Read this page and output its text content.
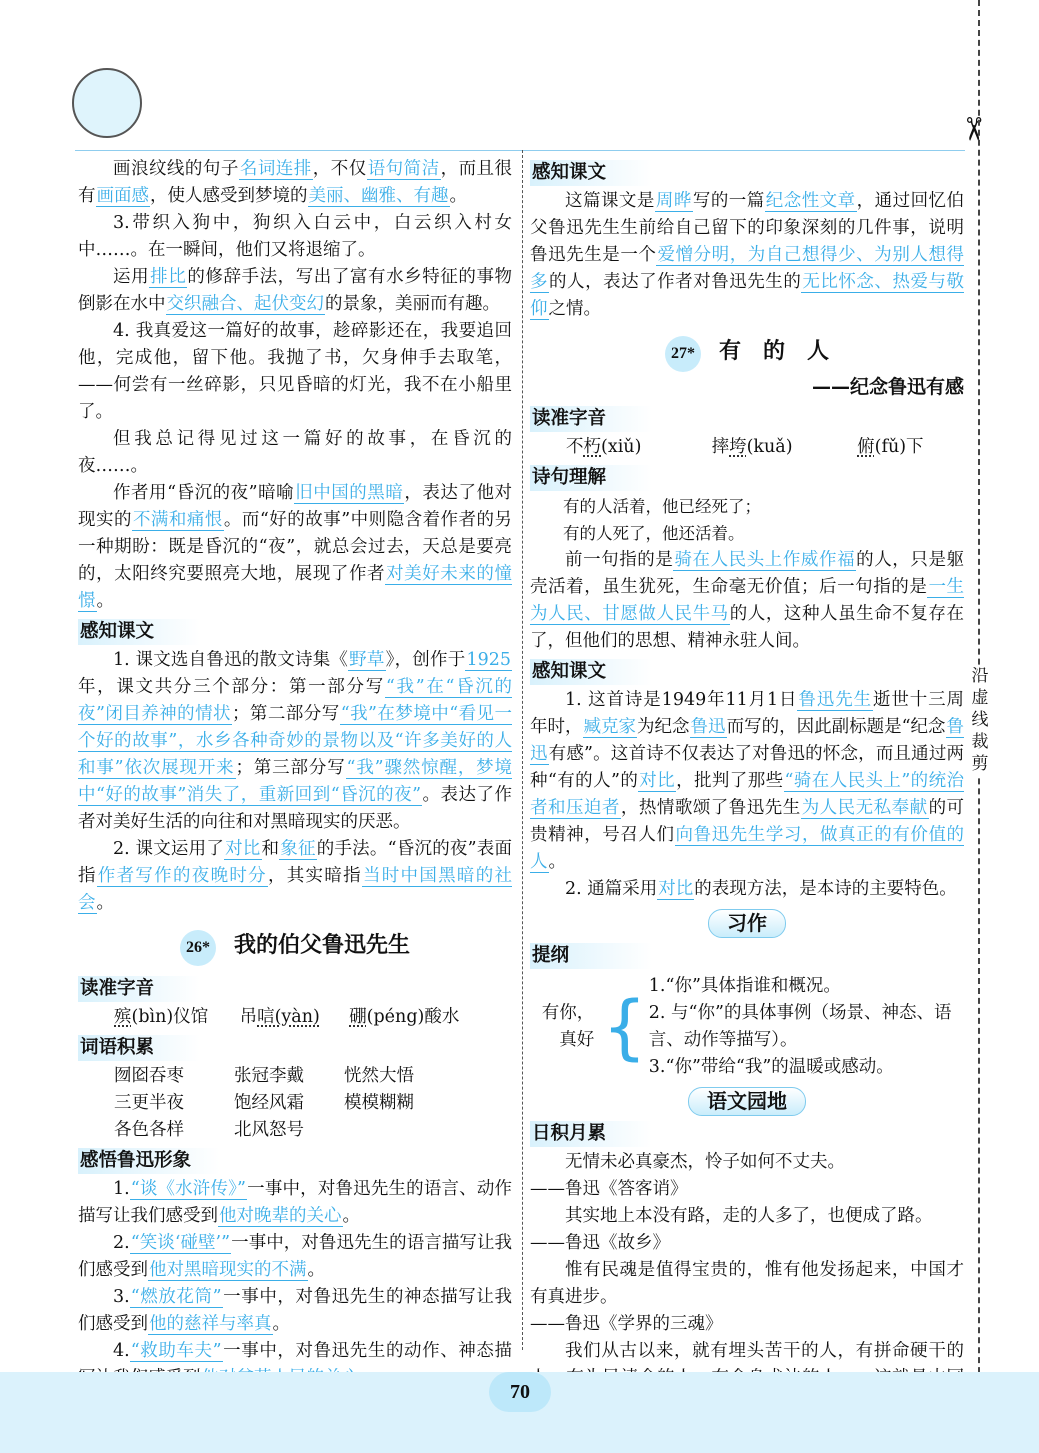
✂
沿虚线裁剪

画浪纹线的句子名词连排，不仅语句简洁，而且很有画面感，使人感受到梦境的美丽、幽雅、有趣。

3.带织入狗中，狗织入白云中，白云织入村女中……。在一瞬间，他们又将退缩了。

运用排比的修辞手法，写出了富有水乡特征的事物倒影在水中交织融合、起伏变幻的景象，美丽而有趣。

4. 我真爱这一篇好的故事，趁碎影还在，我要追回他，完成他，留下他。我抛了书，欠身伸手去取笔，——何尝有一丝碎影，只见昏暗的灯光，我不在小船里了。

但我总记得见过这一篇好的故事，在昏沉的夜……。

作者用“昏沉的夜”暗喻旧中国的黑暗，表达了他对现实的不满和痛恨。而“好的故事”中则隐含着作者的另一种期盼：既是昏沉的“夜”，就总会过去，天总是要亮的，太阳终究要照亮大地，展现了作者对美好未来的憧憬。

感知课文

1. 课文选自鲁迅的散文诗集《野草》，创作于1925年，课文共分三个部分：第一部分写“我”在“昏沉的夜”闭目养神的情状；第二部分写“我”在梦境中“看见一个好的故事”，水乡各种奇妙的景物以及“许多美好的人和事”依次展现开来；第三部分写“我”骤然惊醒，梦境中“好的故事”消失了，重新回到“昏沉的夜”。表达了作者对美好生活的向往和对黑暗现实的厌恶。

2. 课文运用了对比和象征的手法。“昏沉的夜”表面指作者写作的夜晚时分，其实暗指当时中国黑暗的社会。

26* 我的伯父鲁迅先生
读准字音
殡(bìn)仪馆 吊唁(yàn) 硼(péng)酸水
词语积累
囫囵吞枣	张冠李戴 恍然大悟
三更半夜	饱经风霜 模模糊糊
各色各样	北风怒号
感悟鲁迅形象

1.“谈《水浒传》”一事中，对鲁迅先生的语言、动作描写让我们感受到他对晚辈的关心。

2.“笑谈‘碰壁’”一事中，对鲁迅先生的语言描写让我们感受到他对黑暗现实的不满。

3.“燃放花筒”一事中，对鲁迅先生的神态描写让我们感受到他的慈祥与率真。

4.“救助车夫”一事中，对鲁迅先生的动作、神态描

感知课文

这篇课文是周晔写的一篇纪念性文章，通过回忆伯父鲁迅先生生前给自己留下的印象深刻的几件事，说明鲁迅先生是一个爱憎分明，为自己想得少、为别人想得多的人，表达了作者对鲁迅先生的无比怀念、热爱与敬仰之情。

27* 有　的　人
——纪念鲁迅有感
读准字音
不朽(xiǔ)	摔垮(kuǎ)	俯(fǔ)下
诗句理解

有的人活着，他已经死了；

有的人死了，他还活着。

前一句指的是骑在人民头上作威作福的人，只是躯壳活着，虽生犹死，生命毫无价值；后一句指的是一生为人民、甘愿做人民牛马的人，这种人虽生命不复存在了，但他们的思想、精神永驻人间。

感知课文

1. 这首诗是1949年11月1日鲁迅先生逝世十三周年时，臧克家为纪念鲁迅而写的，因此副标题是“纪念鲁迅有感”。这首诗不仅表达了对鲁迅的怀念，而且通过两种“有的人”的对比，批判了那些“骑在人民头上”的统治者和压迫者，热情歌颂了鲁迅先生为人民无私奉献的可贵精神，号召人们向鲁迅先生学习，做真正的有价值的人。

2. 通篇采用对比的表现方法，是本诗的主要特色。

习作
提纲
有你，真好 { 1.“你”具体指谁和概况。
2. 与“你”的具体事例（场景、神态、语言、动作等描写）。
3.“你”带给“我”的温暖或感动。
语文园地
日积月累

无情未必真豪杰，怜子如何不丈夫。

——鲁迅《答客诮》

其实地上本没有路，走的人多了，也便成了路。

——鲁迅《故乡》

惟有民魂是值得宝贵的，惟有他发扬起来，中国才有真进步。

——鲁迅《学界的三魂》

我们从古以来，就有埋头苦干的人，有拼命硬干的

70
